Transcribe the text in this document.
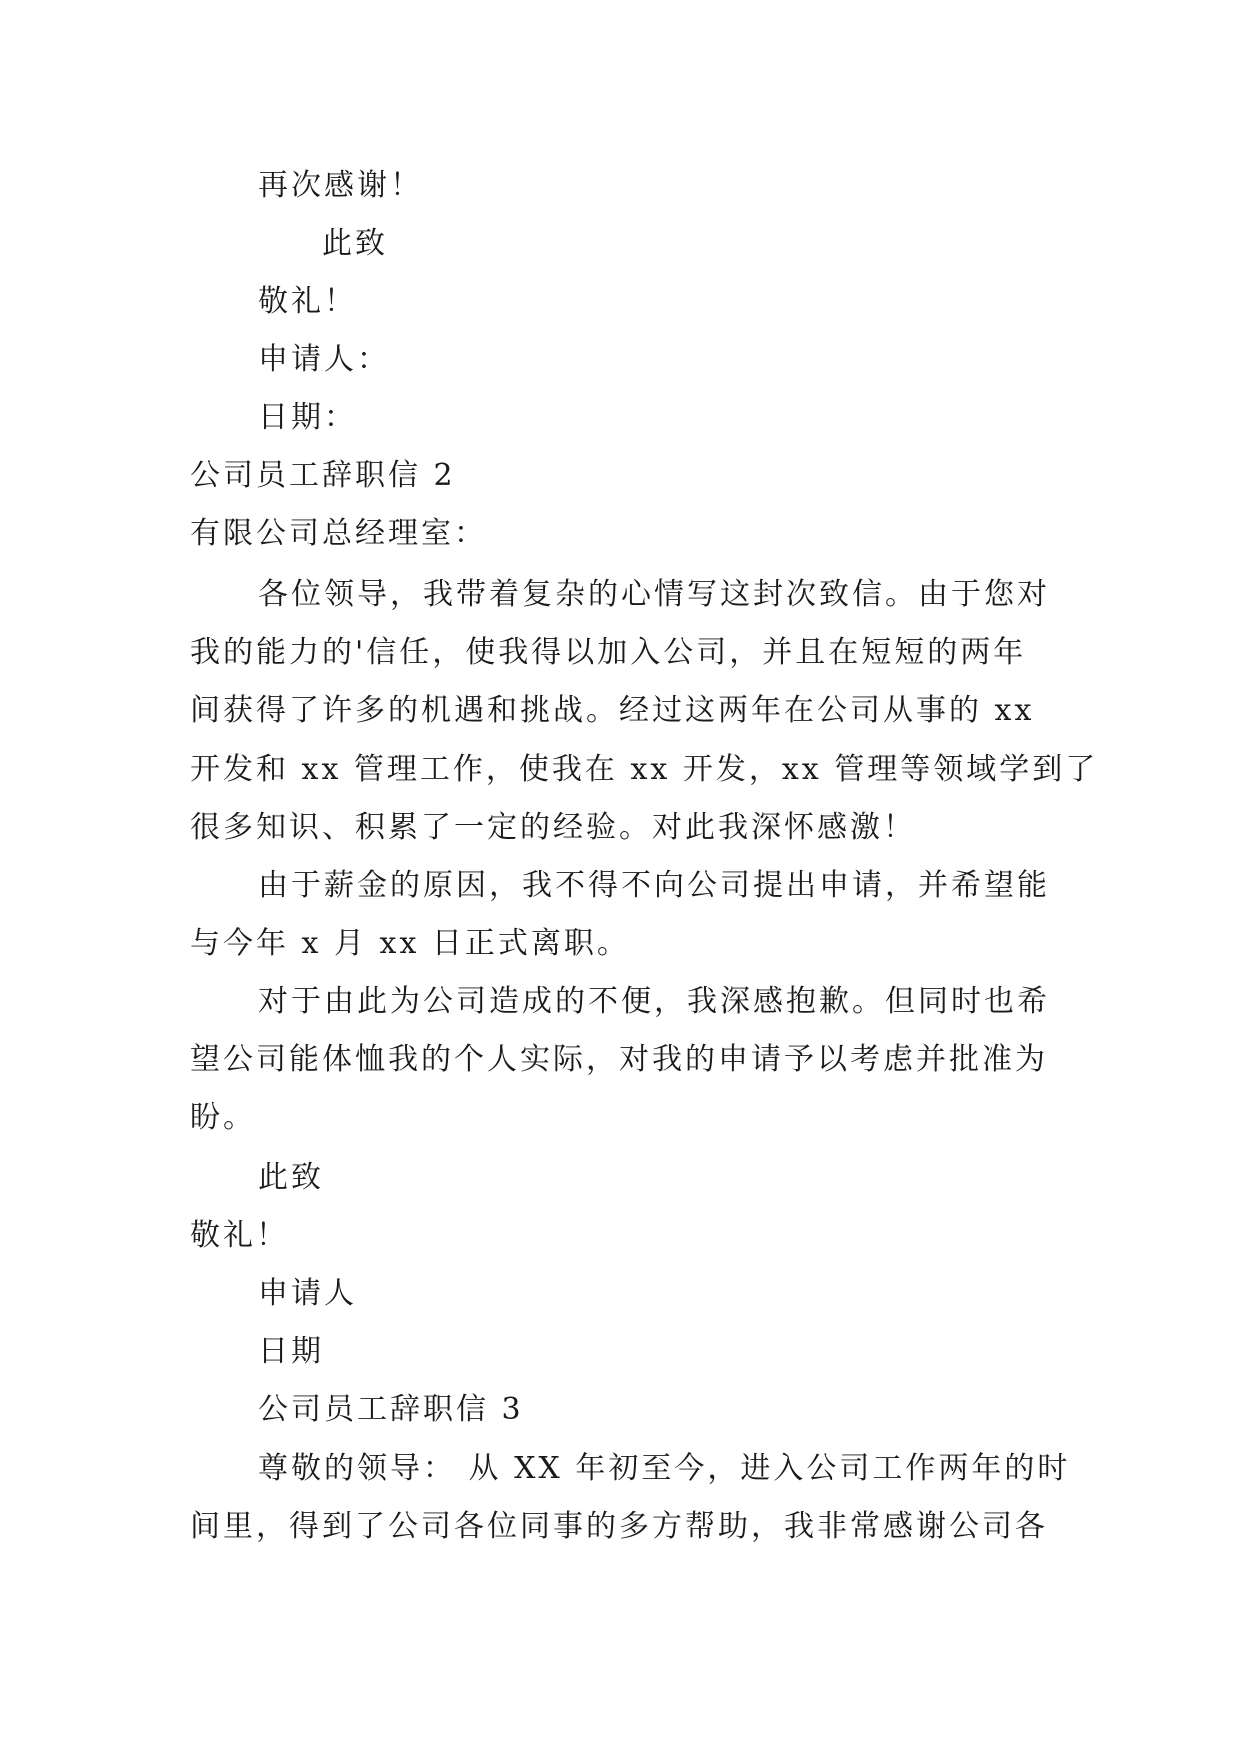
再次感谢！
此致
敬礼！
申请人：
日期：
公司员工辞职信 2
有限公司总经理室：
各位领导，我带着复杂的心情写这封次致信。由于您对
我的能力的'信任，使我得以加入公司，并且在短短的两年
间获得了许多的机遇和挑战。经过这两年在公司从事的 xx
开发和 xx 管理工作，使我在 xx 开发，xx 管理等领域学到了
很多知识、积累了一定的经验。对此我深怀感激！
由于薪金的原因，我不得不向公司提出申请，并希望能
与今年 x 月 xx 日正式离职。
对于由此为公司造成的不便，我深感抱歉。但同时也希
望公司能体恤我的个人实际，对我的申请予以考虑并批准为
盼。
此致
敬礼！
申请人
日期
公司员工辞职信 3
尊敬的领导： 从 XX 年初至今，进入公司工作两年的时
间里，得到了公司各位同事的多方帮助，我非常感谢公司各
